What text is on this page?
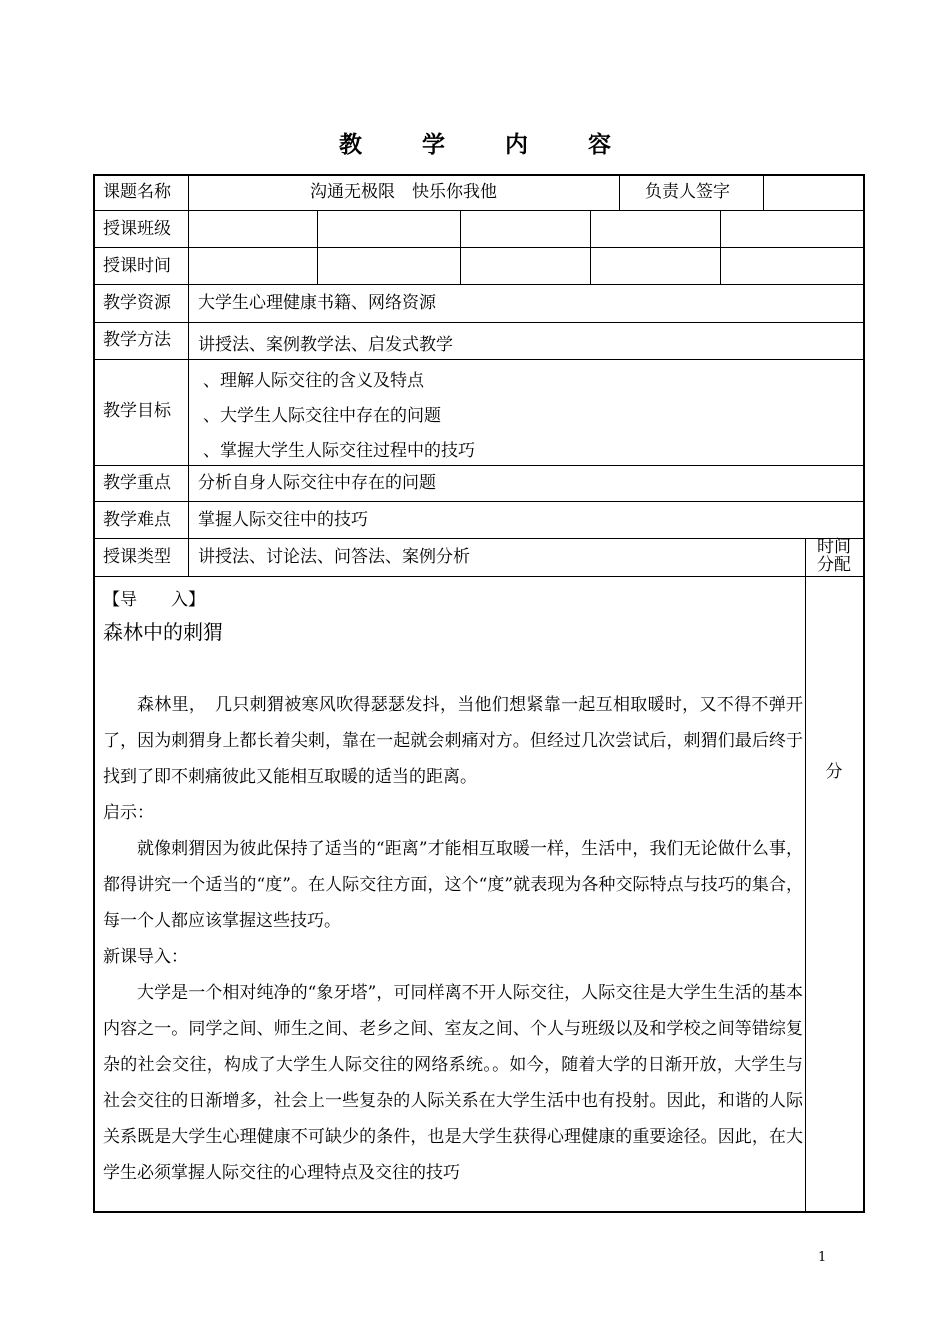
教 学 内 容
课题名称	沟通无极限　快乐你我他	负责人签字
授课班级
授课时间
教学资源 大学生心理健康书籍、网络资源
教学方法 讲授法、案例教学法、启发式教学
教学目标
、理解人际交往的含义及特点
、大学生人际交往中存在的问题
、掌握大学生人际交往过程中的技巧
教学重点 分析自身人际交往中存在的问题
教学难点 掌握人际交往中的技巧
授课类型 讲授法、讨论法、问答法、案例分析	时间
分配
【导　　入】
森林中的刺猬

森林里，　几只刺猬被寒风吹得瑟瑟发抖，当他们想紧靠一起互相取暖时，又不得不弹开了，因为刺猬身上都长着尖刺，靠在一起就会刺痛对方。但经过几次尝试后，刺猬们最后终于找到了即不刺痛彼此又能相互取暖的适当的距离。

启示：

就像刺猬因为彼此保持了适当的“距离”才能相互取暖一样，生活中，我们无论做什么事，都得讲究一个适当的“度”。在人际交往方面，这个“度”就表现为各种交际特点与技巧的集合，每一个人都应该掌握这些技巧。

新课导入：

大学是一个相对纯净的“象牙塔”，可同样离不开人际交往，人际交往是大学生生活的基本内容之一。同学之间、师生之间、老乡之间、室友之间、个人与班级以及和学校之间等错综复杂的社会交往，构成了大学生人际交往的网络系统。。如今，随着大学的日渐开放，大学生与社会交往的日渐增多，社会上一些复杂的人际关系在大学生活中也有投射。因此，和谐的人际关系既是大学生心理健康不可缺少的条件，也是大学生获得心理健康的重要途径。因此，在大学生必须掌握人际交往的心理特点及交往的技巧

分
1
